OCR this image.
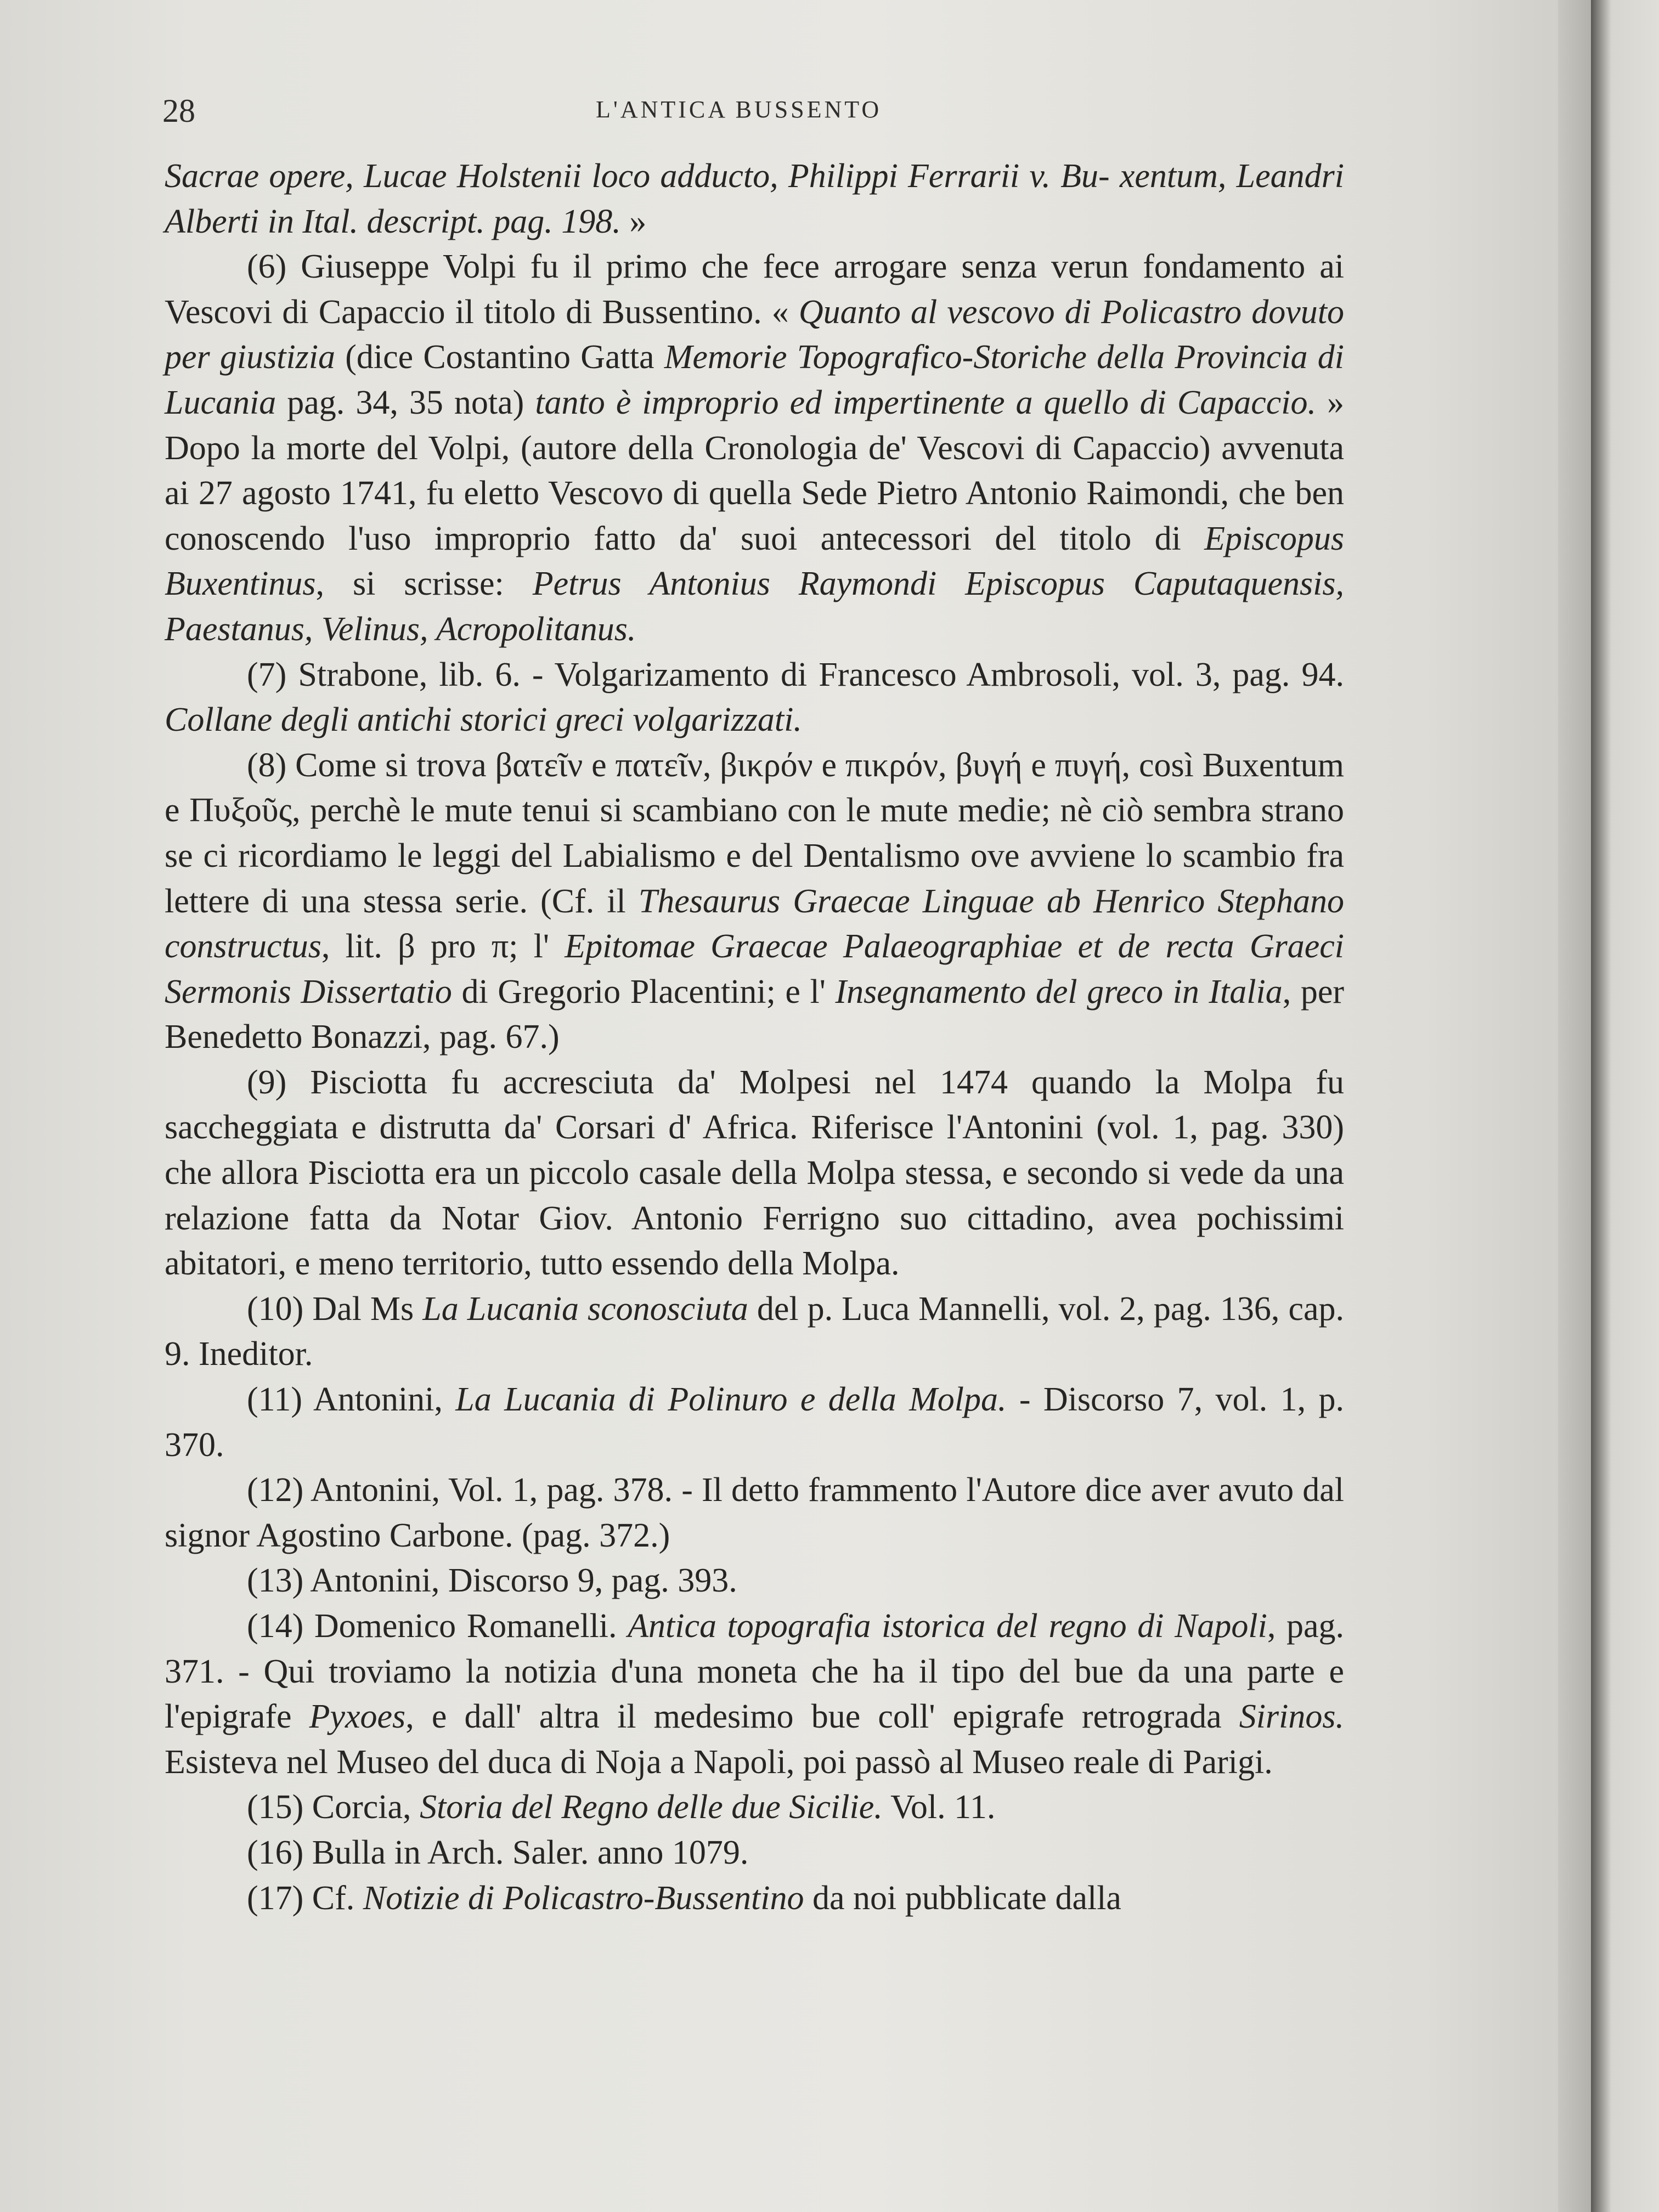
28	L'ANTICA BUSSENTO

Sacrae opere, Lucae Holstenii loco adducto, Philippi Ferrarii v. Bu- xentum, Leandri Alberti in Ital. descript. pag. 198. »

(6) Giuseppe Volpi fu il primo che fece arrogare senza verun fondamento ai Vescovi di Capaccio il titolo di Bussentino. « Quanto al vescovo di Policastro dovuto per giustizia (dice Costantino Gatta Memorie Topografico-Storiche della Provincia di Lucania pag. 34, 35 nota) tanto è improprio ed impertinente a quello di Capaccio. » Dopo la morte del Volpi, (autore della Cronologia de' Vescovi di Capaccio) avvenuta ai 27 agosto 1741, fu eletto Vescovo di quella Sede Pietro Antonio Raimondi, che ben conoscendo l'uso improprio fatto da' suoi antecessori del titolo di Episcopus Buxentinus, si scrisse: Petrus Antonius Raymondi Episcopus Caputaquensis, Paestanus, Velinus, Acropolitanus.

(7) Strabone, lib. 6. - Volgarizamento di Francesco Ambrosoli, vol. 3, pag. 94. Collane degli antichi storici greci volgarizzati.

(8) Come si trova βατεῖν e πατεῖν, βικρόν e πικρόν, βυγή e πυγή, così Buxentum e Πυξοῦς, perchè le mute tenui si scambiano con le mute medie; nè ciò sembra strano se ci ricordiamo le leggi del Labialismo e del Dentalismo ove avviene lo scambio fra lettere di una stessa serie. (Cf. il Thesaurus Graecae Linguae ab Henrico Stephano constructus, lit. β pro π; l' Epitomae Graecae Palaeographiae et de recta Graeci Sermonis Dissertatio di Gregorio Placentini; e l' Insegnamento del greco in Italia, per Benedetto Bonazzi, pag. 67.)

(9) Pisciotta fu accresciuta da' Molpesi nel 1474 quando la Molpa fu saccheggiata e distrutta da' Corsari d' Africa. Riferisce l'Antonini (vol. 1, pag. 330) che allora Pisciotta era un piccolo casale della Molpa stessa, e secondo si vede da una relazione fatta da Notar Giov. Antonio Ferrigno suo cittadino, avea pochissimi abitatori, e meno territorio, tutto essendo della Molpa.

(10) Dal Ms La Lucania sconosciuta del p. Luca Mannelli, vol. 2, pag. 136, cap. 9. Ineditor.

(11) Antonini, La Lucania di Polinuro e della Molpa. - Discorso 7, vol. 1, p. 370.

(12) Antonini, Vol. 1, pag. 378. - Il detto frammento l'Autore dice aver avuto dal signor Agostino Carbone. (pag. 372.)

(13) Antonini, Discorso 9, pag. 393.

(14) Domenico Romanelli. Antica topografia istorica del regno di Napoli, pag. 371. - Qui troviamo la notizia d'una moneta che ha il tipo del bue da una parte e l'epigrafe Pyxoes, e dall' altra il medesimo bue coll' epigrafe retrograda Sirinos. Esisteva nel Museo del duca di Noja a Napoli, poi passò al Museo reale di Parigi.

(15) Corcia, Storia del Regno delle due Sicilie. Vol. 11.

(16) Bulla in Arch. Saler. anno 1079.

(17) Cf. Notizie di Policastro-Bussentino da noi pubblicate dalla
